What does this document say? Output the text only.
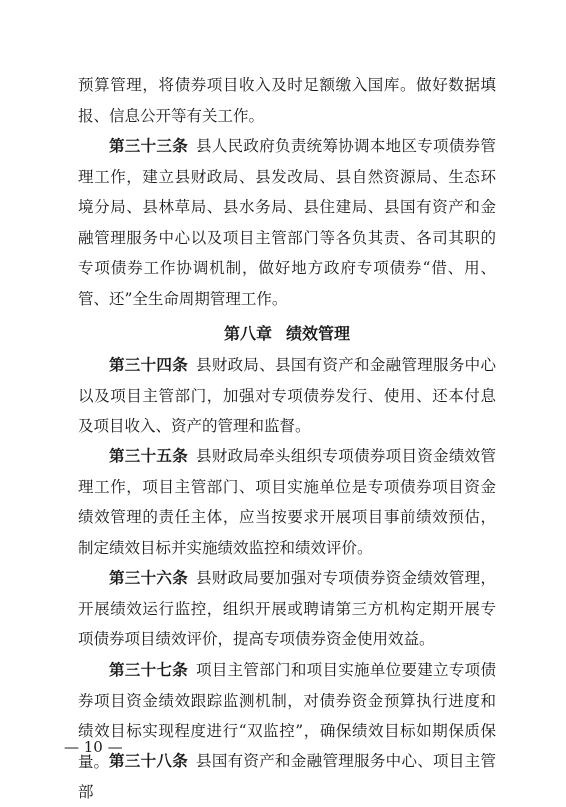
预算管理，将债券项目收入及时足额缴入国库。做好数据填报、信息公开等有关工作。

第三十三条 县人民政府负责统筹协调本地区专项债券管理工作，建立县财政局、县发改局、县自然资源局、生态环境分局、县林草局、县水务局、县住建局、县国有资产和金融管理服务中心以及项目主管部门等各负其责、各司其职的专项债券工作协调机制，做好地方政府专项债券“借、用、管、还”全生命周期管理工作。

第八章 绩效管理

第三十四条 县财政局、县国有资产和金融管理服务中心以及项目主管部门，加强对专项债券发行、使用、还本付息及项目收入、资产的管理和监督。

第三十五条 县财政局牵头组织专项债券项目资金绩效管理工作，项目主管部门、项目实施单位是专项债券项目资金绩效管理的责任主体，应当按要求开展项目事前绩效预估，制定绩效目标并实施绩效监控和绩效评价。

第三十六条 县财政局要加强对专项债券资金绩效管理，开展绩效运行监控，组织开展或聘请第三方机构定期开展专项债券项目绩效评价，提高专项债券资金使用效益。

第三十七条 项目主管部门和项目实施单位要建立专项债券项目资金绩效跟踪监测机制，对债券资金预算执行进度和绩效目标实现程度进行“双监控”，确保绩效目标如期保质保量。 第三十八条 县国有资产和金融管理服务中心、项目主管部

— 10 —
